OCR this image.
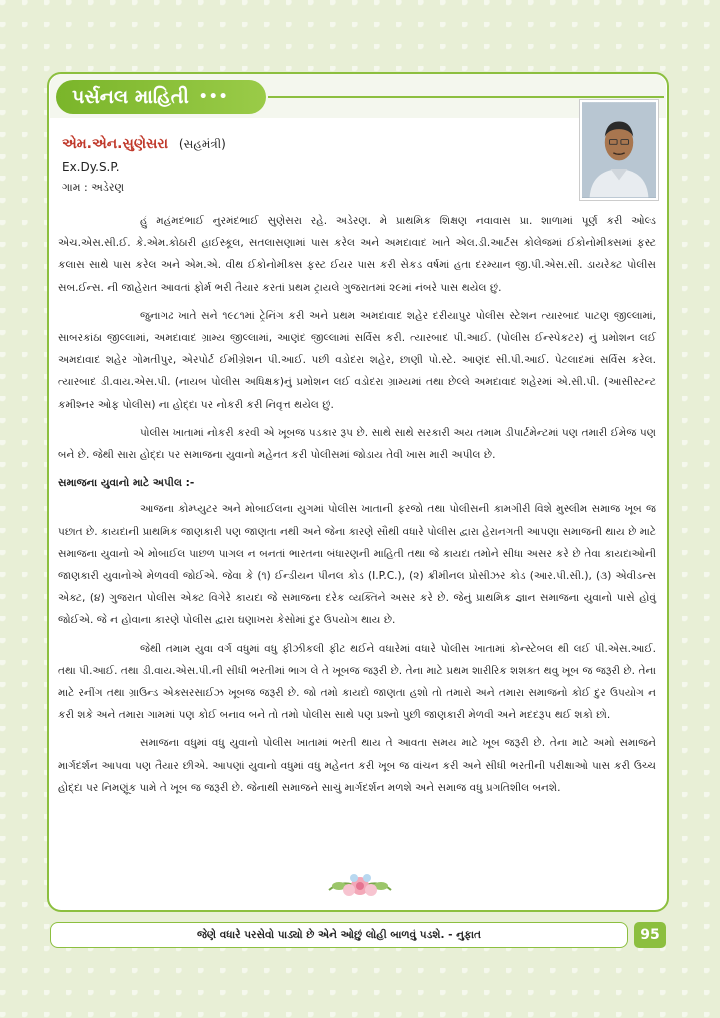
પર્સનલ માહિતી •••
એમ.એન.સુણેસરા (સહમંત્રી)
Ex.Dy.S.P.
ગામ : અડેરણ

હું મહંમદભાઈ નુરમંદભાઈ સુણેસરા રહે. અડેરણ. મે પ્રાથમિક શિક્ષણ નવાવાસ પ્રા. શાળામાં પૂર્ણ કરી ઓલ્ડ એચ.એસ.સી.ઈ. કે.એમ.કોઠારી હાઈસ્કૂલ, સતલાસણામાં પાસ કરેલ અને અમદાવાદ ખાતે એલ.ડી.આર્ટસ કોલેજમાં ઈકોનોમીક્સમાં ફસ્ટ કલાસ સાથે પાસ કરેલ અને એમ.એ. વીથ ઈકોનોમીક્સ ફસ્ટ ઈયર પાસ કરી સેકડ વર્ષમાં હતા દરમ્યાન જી.પી.એસ.સી. ડાયરેક્ટ પોલીસ સબ.ઈન્સ. ની જાહેરાત આવતાં ફોર્મ ભરી તૈયાર કરતાં પ્રથમ ટ્રાયલે ગુજરાતમાં ૨૯માં નંબરે પાસ થયેલ છું.

જુનાગઢ ખાતે સને ૧૯૮૧માં ટ્રેનિંગ કરી અને પ્રથમ અમદાવાદ શહેર દરીયાપુર પોલીસ સ્ટેશન ત્યારબાદ પાટણ જીલ્લામાં, સાબરકાંઠા જીલ્લામાં, અમદાવાદ ગ્રામ્ય જીલ્લામાં, આણંદ જીલ્લામાં સર્વિસ કરી. ત્યારબાદ પી.આઈ. (પોલીસ ઈન્સ્પેકટર) નું પ્રમોશન લઈ અમદાવાદ શહેર ગોમતીપુર, એરપોર્ટ ઈમીગ્રેશન પી.આઈ. પછી વડોદરા શહેર, છાણી પો.સ્ટે. આણંદ સી.પી.આઈ. પેટલાદમાં સર્વિસ કરેલ. ત્યારબાદ ડી.વાય.એસ.પી. (નાયબ પોલીસ અધિક્ષક)નું પ્રમોશન લઈ વડોદરા ગ્રામ્યમાં તથા છેલ્લે અમદાવાદ શહેરમાં એ.સી.પી. (આસીસ્ટન્ટ કમીશ્નર ઓફ પોલીસ) ના હોદ્દા પર નોકરી કરી નિવૃત્ત થયેલ છું.

પોલીસ ખાતામાં નોકરી કરવી એ ખૂબજ પડકાર રૂપ છે. સાથે સાથે સરકારી અય તમામ ડીપાર્ટમેન્ટમાં પણ તમારી ઈમેજ પણ બને છે. જેથી સારા હોદ્દા પર સમાજના યુવાનો મહેનત કરી પોલીસમાં જોડાય તેવી ખાસ મારી અપીલ છે.

સમાજના યુવાનો માટે અપીલ :-

આજના કોમ્પ્યુટર અને મોબાઈલના યુગમાં પોલીસ ખાતાની ફરજો તથા પોલીસની કામગીરી વિશે મુસ્લીમ સમાજ ખૂબ જ પછાત છે. કાયદાની પ્રાથમિક જાણકારી પણ જાણતા નથી અને જેના કારણે સૌથી વધારે પોલીસ દ્વારા હેરાનગતી આપણા સમાજની થાય છે માટે સમાજના યુવાનો એ મોબાઈલ પાછળ પાગલ ન બનતાં ભારતના બંધારણની માહિતી તથા જે કાયદા તમોને સીધા અસર કરે છે તેવા કાયદાઓની જાણકારી યુવાનોએ મેળવવી જોઈએ. જેવા કે (૧) ઈન્ડીયન પીનલ કોડ (I.P.C.), (૨) ક્રીમીનલ પ્રોસીઝર કોડ (આર.પી.સી.), (૩) એવીડન્સ એક્ટ, (૪) ગુજરાત પોલીસ એક્ટ વિગેરે કાયદા જે સમાજના દરેક વ્યક્તિને અસર કરે છે. જેનું પ્રાથમિક જ્ઞાન સમાજના યુવાનો પાસે હોવું જોઈએ. જે ન હોવાના કારણે પોલીસ દ્વારા ઘણાખરા કેસોમાં દુર ઉપયોગ થાય છે.

જેથી તમામ યુવા વર્ગ વધુમાં વધુ ફીઝીકલી ફીટ થઈને વધારેમાં વધારે પોલીસ ખાતામાં કોન્સ્ટેબલ થી લઈ પી.એસ.આઈ. તથા પી.આઈ. તથા ડી.વાય.એસ.પી.ની સીધી ભરતીમાં ભાગ લે તે ખૂબજ જરૂરી છે. તેના માટે પ્રથમ શારીરિક શશક્ત થવુ ખૂબ જ જરૂરી છે. તેના માટે રનીંગ તથા ગ્રાઉન્ડ એક્સરસાઈઝ ખૂબજ જરૂરી છે. જો તમો કાયદો જાણતા હશો તો તમારો અને તમારા સમાજનો કોઈ દુર ઉપયોગ ન કરી શકે અને તમારા ગામમાં પણ કોઈ બનાવ બને તો તમો પોલીસ સાથે પણ પ્રશ્નો પુછી જાણકારી મેળવી અને મદદરૂપ થઈ શકો છો.

સમાજના વધુમાં વધુ યુવાનો પોલીસ ખાતામાં ભરતી થાય તે આવતા સમય માટે ખૂબ જરૂરી છે. તેના માટે અમો સમાજને માર્ગદર્શન આપવા પણ તૈયાર છીએ. આપણાં યુવાનો વધુમાં વધુ મહેનત કરી ખૂબ જ વાંચન કરી અને સીધી ભરતીની પરીક્ષાઓ પાસ કરી ઉચ્ચ હોદ્દા પર નિમણૂંક પામે તે ખૂબ જ જરૂરી છે. જેનાથી સમાજને સાચું માર્ગદર્શન મળશે અને સમાજ વધુ પ્રગતિશીલ બનશે.

જેણે વધારે પરસેવો પાડ્યો છે એને ઓછું લોહી બાળવું પડશે. - નુફાત	95
